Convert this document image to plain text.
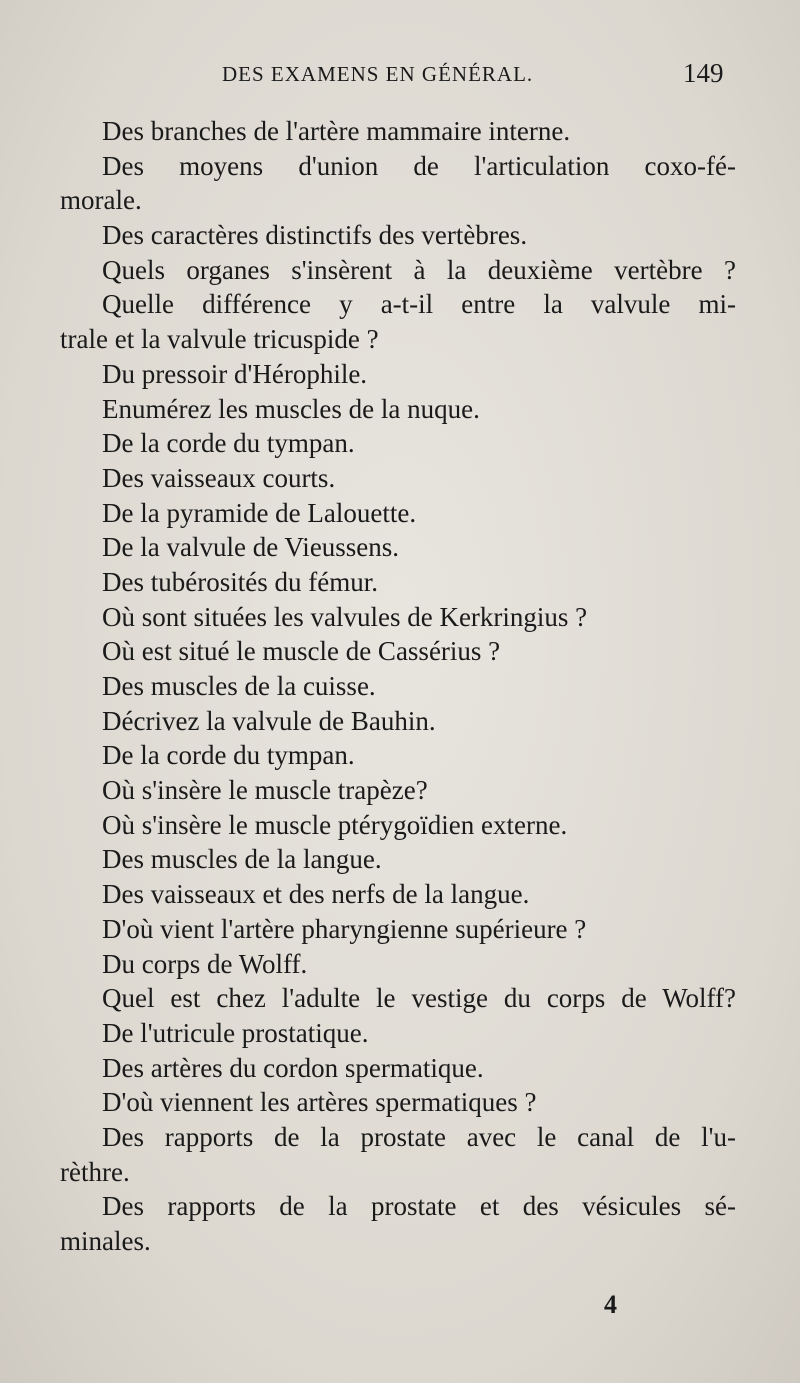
DES EXAMENS EN GÉNÉRAL.	149
Des branches de l'artère mammaire interne.
Des moyens d'union de l'articulation coxo-fé-
morale.
Des caractères distinctifs des vertèbres.
Quels organes s'insèrent à la deuxième vertèbre ?
Quelle différence y a-t-il entre la valvule mi-
trale et la valvule tricuspide ?
Du pressoir d'Hérophile.
Enumérez les muscles de la nuque.
De la corde du tympan.
Des vaisseaux courts.
De la pyramide de Lalouette.
De la valvule de Vieussens.
Des tubérosités du fémur.
Où sont situées les valvules de Kerkringius ?
Où est situé le muscle de Cassérius ?
Des muscles de la cuisse.
Décrivez la valvule de Bauhin.
De la corde du tympan.
Où s'insère le muscle trapèze?
Où s'insère le muscle ptérygoïdien externe.
Des muscles de la langue.
Des vaisseaux et des nerfs de la langue.
D'où vient l'artère pharyngienne supérieure ?
Du corps de Wolff.
Quel est chez l'adulte le vestige du corps de Wolff?
De l'utricule prostatique.
Des artères du cordon spermatique.
D'où viennent les artères spermatiques ?
Des rapports de la prostate avec le canal de l'u-
rèthre.
Des rapports de la prostate et des vésicules sé-
minales.
4
